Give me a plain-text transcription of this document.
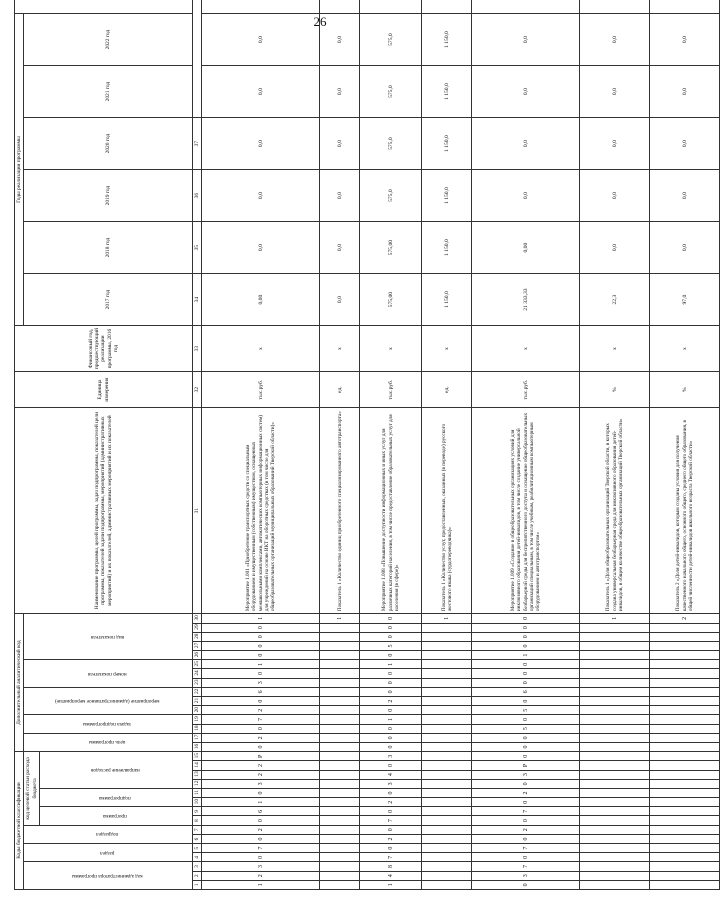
26
Коды бюджетной классификации															Дополнительный аналитический код															Наименование программы, целей программы, задач подпрограммы, показателей цели программы, показателей задачи подпрограммы, мероприятий (административных мероприятий) и их показателей, административных мероприятий и их показателей	Единица измерения	Финансовый год, предшествующий реализации программы, 2016 год	Годы реализации программы	
код администратора программы			раздел		подраздел		код целевой статьи расхода бюджета								цель программы		задача подпрограммы		мероприятие (административное мероприятие)			номер показателя			вид показателя								2017 год	2018 год	2019 год	2020 год	2021 год	2022 год	
							программа		подпрограмма		направление расходов																												
1	2	3	4	5	6	7	8	9	10	11	12	13	14	15	16	17	18	19	20	21	22	23	24	25	26	27	28	29	30	31	32	33	34	35	36	37			
1	2	3	0	7	0	2	0	6	1	0	3	2	2	Р	0	2	0	7	2	0	6	3	0	1	0	0	0	0	1	Мероприятие 1.001 «Приобретение транспортных средств со специальным оборудованием и имущественным (собственным) имуществом, оснащенных межшкольными комплексами, автоматических компьютерных информационных систем) для учреждений на основе ИКТ на оборотных средствах (в том числе для общеобразовательных организаций муниципальных образований Тверской области)»	тыс.руб.	х	0,00	0,0	0,0	0,0	0,0	0,0	
																													1	Показатель 1 «Количество единиц приобретенного специализированного автотранспорта»	ед.	х	0,0	0,0	0,0	0,0	0,0	0,0	
1	4	8	7	0	2	0	7	0	2	0	3	4	0	3	0	0	0	1	0	2	0	0	0	1	0	5	0	0	0	Мероприятие 1.008 «Повышение доступности информационных и иных услуг для различных категорий населения, в том числе предоставление образовательных услуг для населения (в сфере)»	тыс.руб.	х	575,00	575,00	575,0	575,0	575,0	575,0	
																													1	Показатель 1 «Количество услуг, предоставленных, оказанных (в переводе) русского жестового языка (сурдопереводчика)»	ед.	х	1 150,0	1 150,0	1 150,0	1 150,0	1 150,0	1 150,0	
0	3	7	0	7	0	2	0	7	0	2	0	3	Р	0	0	0	5	0	5	0	6	0	0	0	1	0	0	0	0	Мероприятие 1.009 «Создание в общеобразовательных организациях условий для инклюзивного образования детей-инвалидов, в том числе создание универсальной безбарьерной среды для беспрепятственного доступа и оснащение общеобразовательных организаций специальным, в том числе учебным, реабилитационным компьютерным оборудованием и автотранспортом»	тыс.руб.	х	21 333,33	0,00	0,0	0,0	0,0	0,0	
																													1	Показатель 1 «Доля общеобразовательных организаций Тверской области, в которых создана универсальная безбарьерная среда для инклюзивного образования детей-инвалидов, в общем количестве общеобразовательных организаций Тверской области»	%	х	22,3	0,0	0,0	0,0	0,0	0,0	
																													2	Показатель 2 «Доля детей-инвалидов, которым созданы условия для получения качественного начального общего, основного общего, среднего общего образования, в общей численности детей-инвалидов школьного возраста Тверской области»	%	х	97,0	0,0	0,0	0,0	0,0	0,0	
